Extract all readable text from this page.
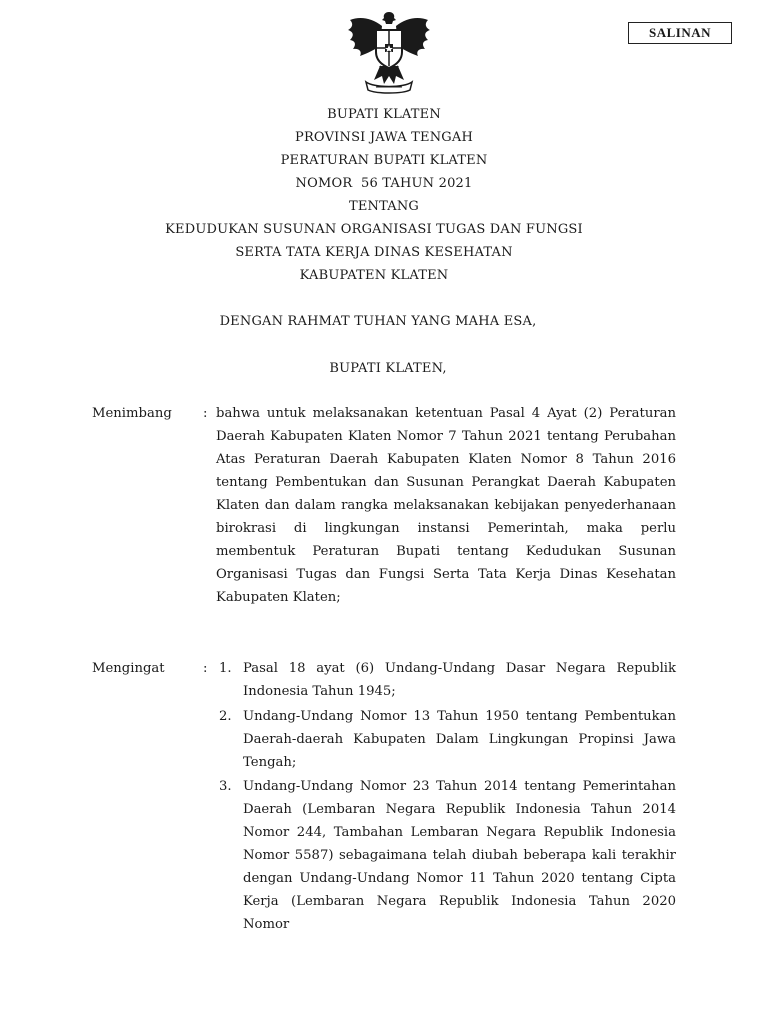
SALINAN
BUPATI KLATEN
PROVINSI JAWA TENGAH
PERATURAN BUPATI KLATEN
NOMOR  56 TAHUN 2021
TENTANG
KEDUDUKAN SUSUNAN ORGANISASI TUGAS DAN FUNGSI
SERTA TATA KERJA DINAS KESEHATAN
KABUPATEN KLATEN
DENGAN RAHMAT TUHAN YANG MAHA ESA,
BUPATI KLATEN,
Menimbang : bahwa untuk melaksanakan ketentuan Pasal 4 Ayat (2) Peraturan Daerah Kabupaten Klaten Nomor 7 Tahun 2021 tentang Perubahan Atas Peraturan Daerah Kabupaten Klaten Nomor 8 Tahun 2016 tentang Pembentukan dan Susunan Perangkat Daerah Kabupaten Klaten dan dalam rangka melaksanakan kebijakan penyederhanaan birokrasi di lingkungan instansi Pemerintah, maka perlu membentuk Peraturan Bupati tentang Kedudukan Susunan Organisasi Tugas dan Fungsi Serta Tata Kerja Dinas Kesehatan Kabupaten Klaten;
Mengingat	: 1. Pasal 18 ayat (6) Undang-Undang Dasar Negara Republik Indonesia Tahun 1945;
2. Undang-Undang Nomor 13 Tahun 1950 tentang Pembentukan Daerah-daerah Kabupaten Dalam Lingkungan Propinsi Jawa Tengah;
3. Undang-Undang Nomor 23 Tahun 2014 tentang Pemerintahan Daerah (Lembaran Negara Republik Indonesia Tahun 2014 Nomor 244, Tambahan Lembaran Negara Republik Indonesia Nomor 5587) sebagaimana telah diubah beberapa kali terakhir dengan Undang-Undang Nomor 11 Tahun 2020 tentang Cipta Kerja (Lembaran Negara Republik Indonesia Tahun 2020 Nomor
